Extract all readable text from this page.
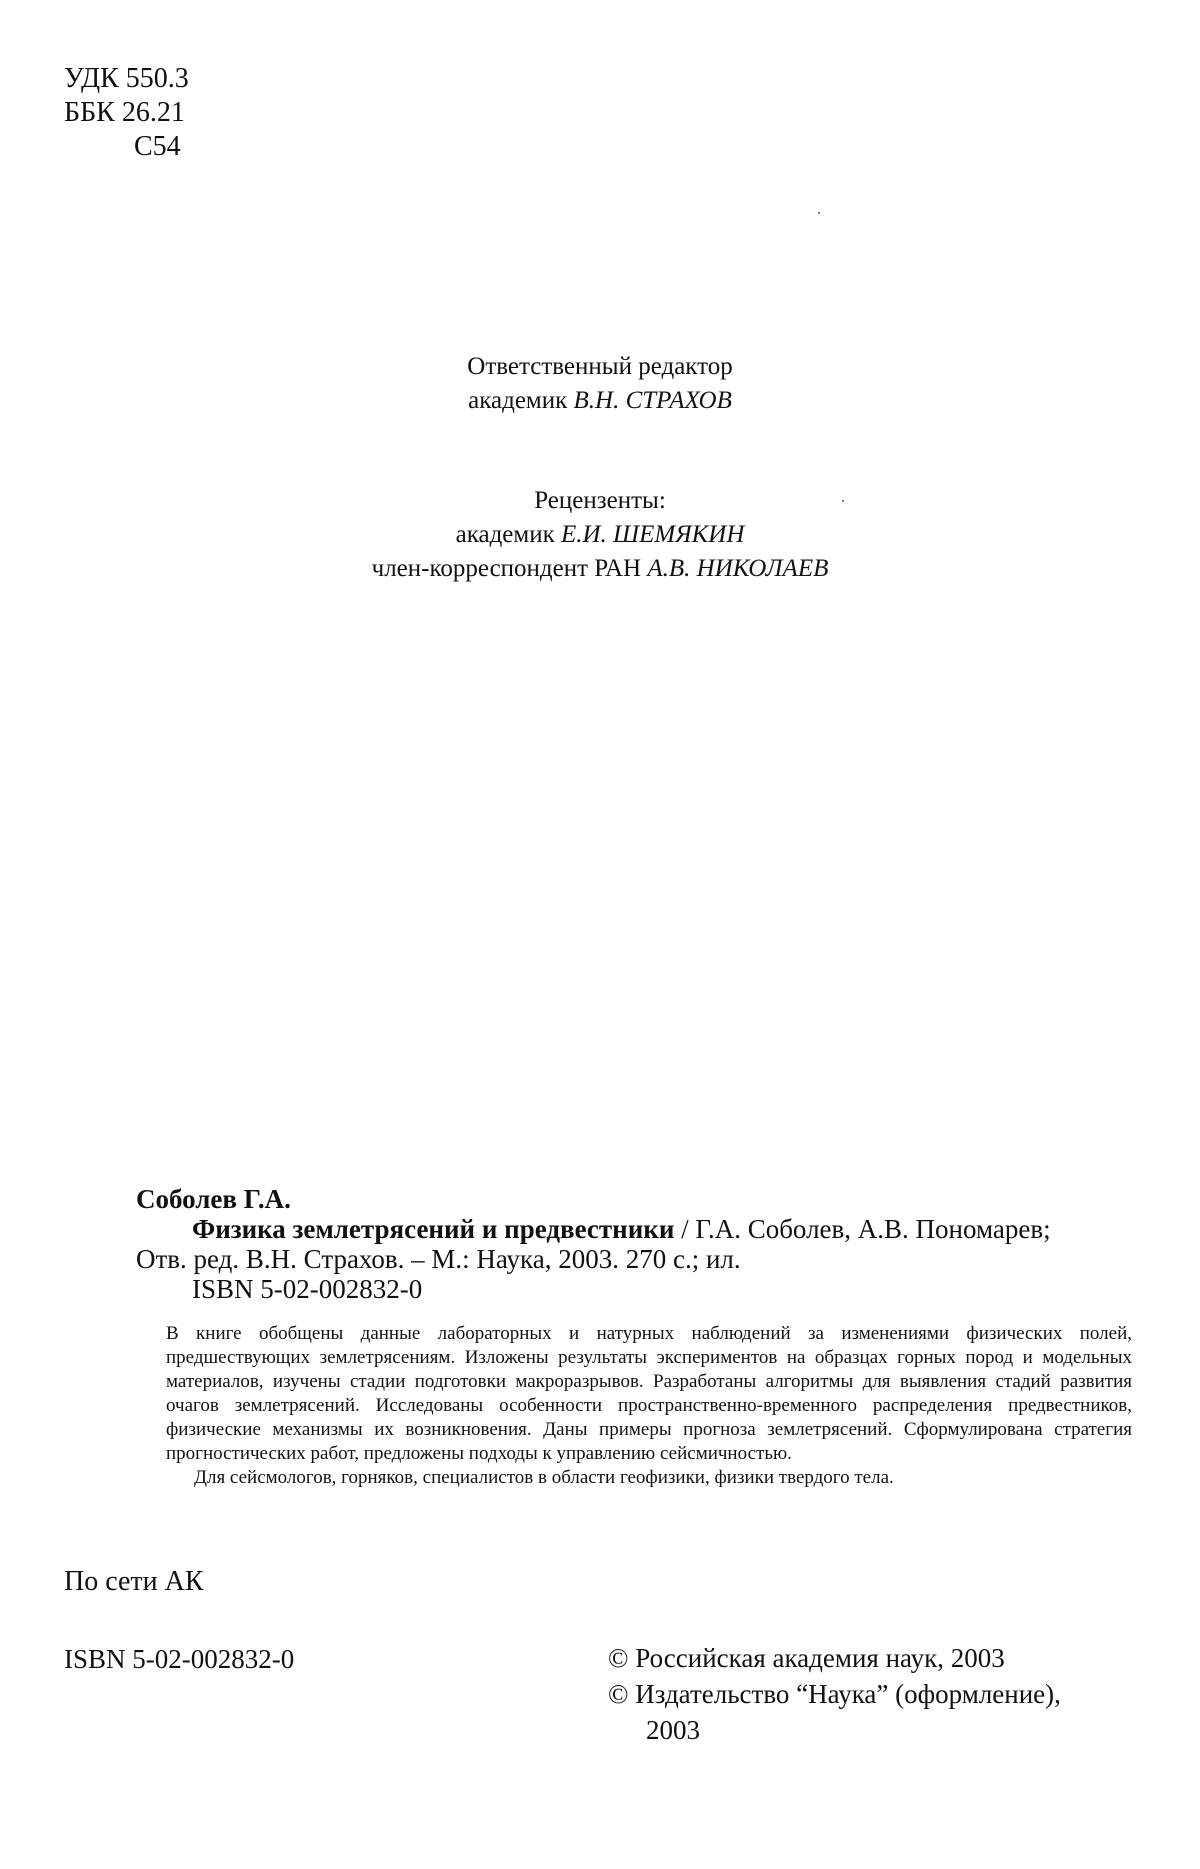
УДК 550.3
ББК 26.21
С54
Ответственный редактор
академик В.Н. СТРАХОВ
Рецензенты:
академик Е.И. ШЕМЯКИН
член-корреспондент РАН А.В. НИКОЛАЕВ
Соболев Г.А.
Физика землетрясений и предвестники / Г.А. Соболев, А.В. Пономарев;
Отв. ред. В.Н. Страхов. – М.: Наука, 2003. 270 с.; ил.
ISBN 5-02-002832-0

В книге обобщены данные лабораторных и натурных наблюдений за изменениями физических полей, предшествующих землетрясениям. Изложены результаты экспериментов на образцах горных пород и модельных материалов, изучены стадии подготовки макроразрывов. Разработаны алгоритмы для выявления стадий развития очагов землетрясений. Исследованы особенности пространственно-временного распределения предвестников, физические механизмы их возникновения. Даны примеры прогноза землетрясений. Сформулирована стратегия прогностических работ, предложены подходы к управлению сейсмичностью.

Для сейсмологов, горняков, специалистов в области геофизики, физики твердого тела.

По сети АК
ISBN 5-02-002832-0	© Российская академия наук, 2003
© Издательство “Наука” (оформление),
2003
